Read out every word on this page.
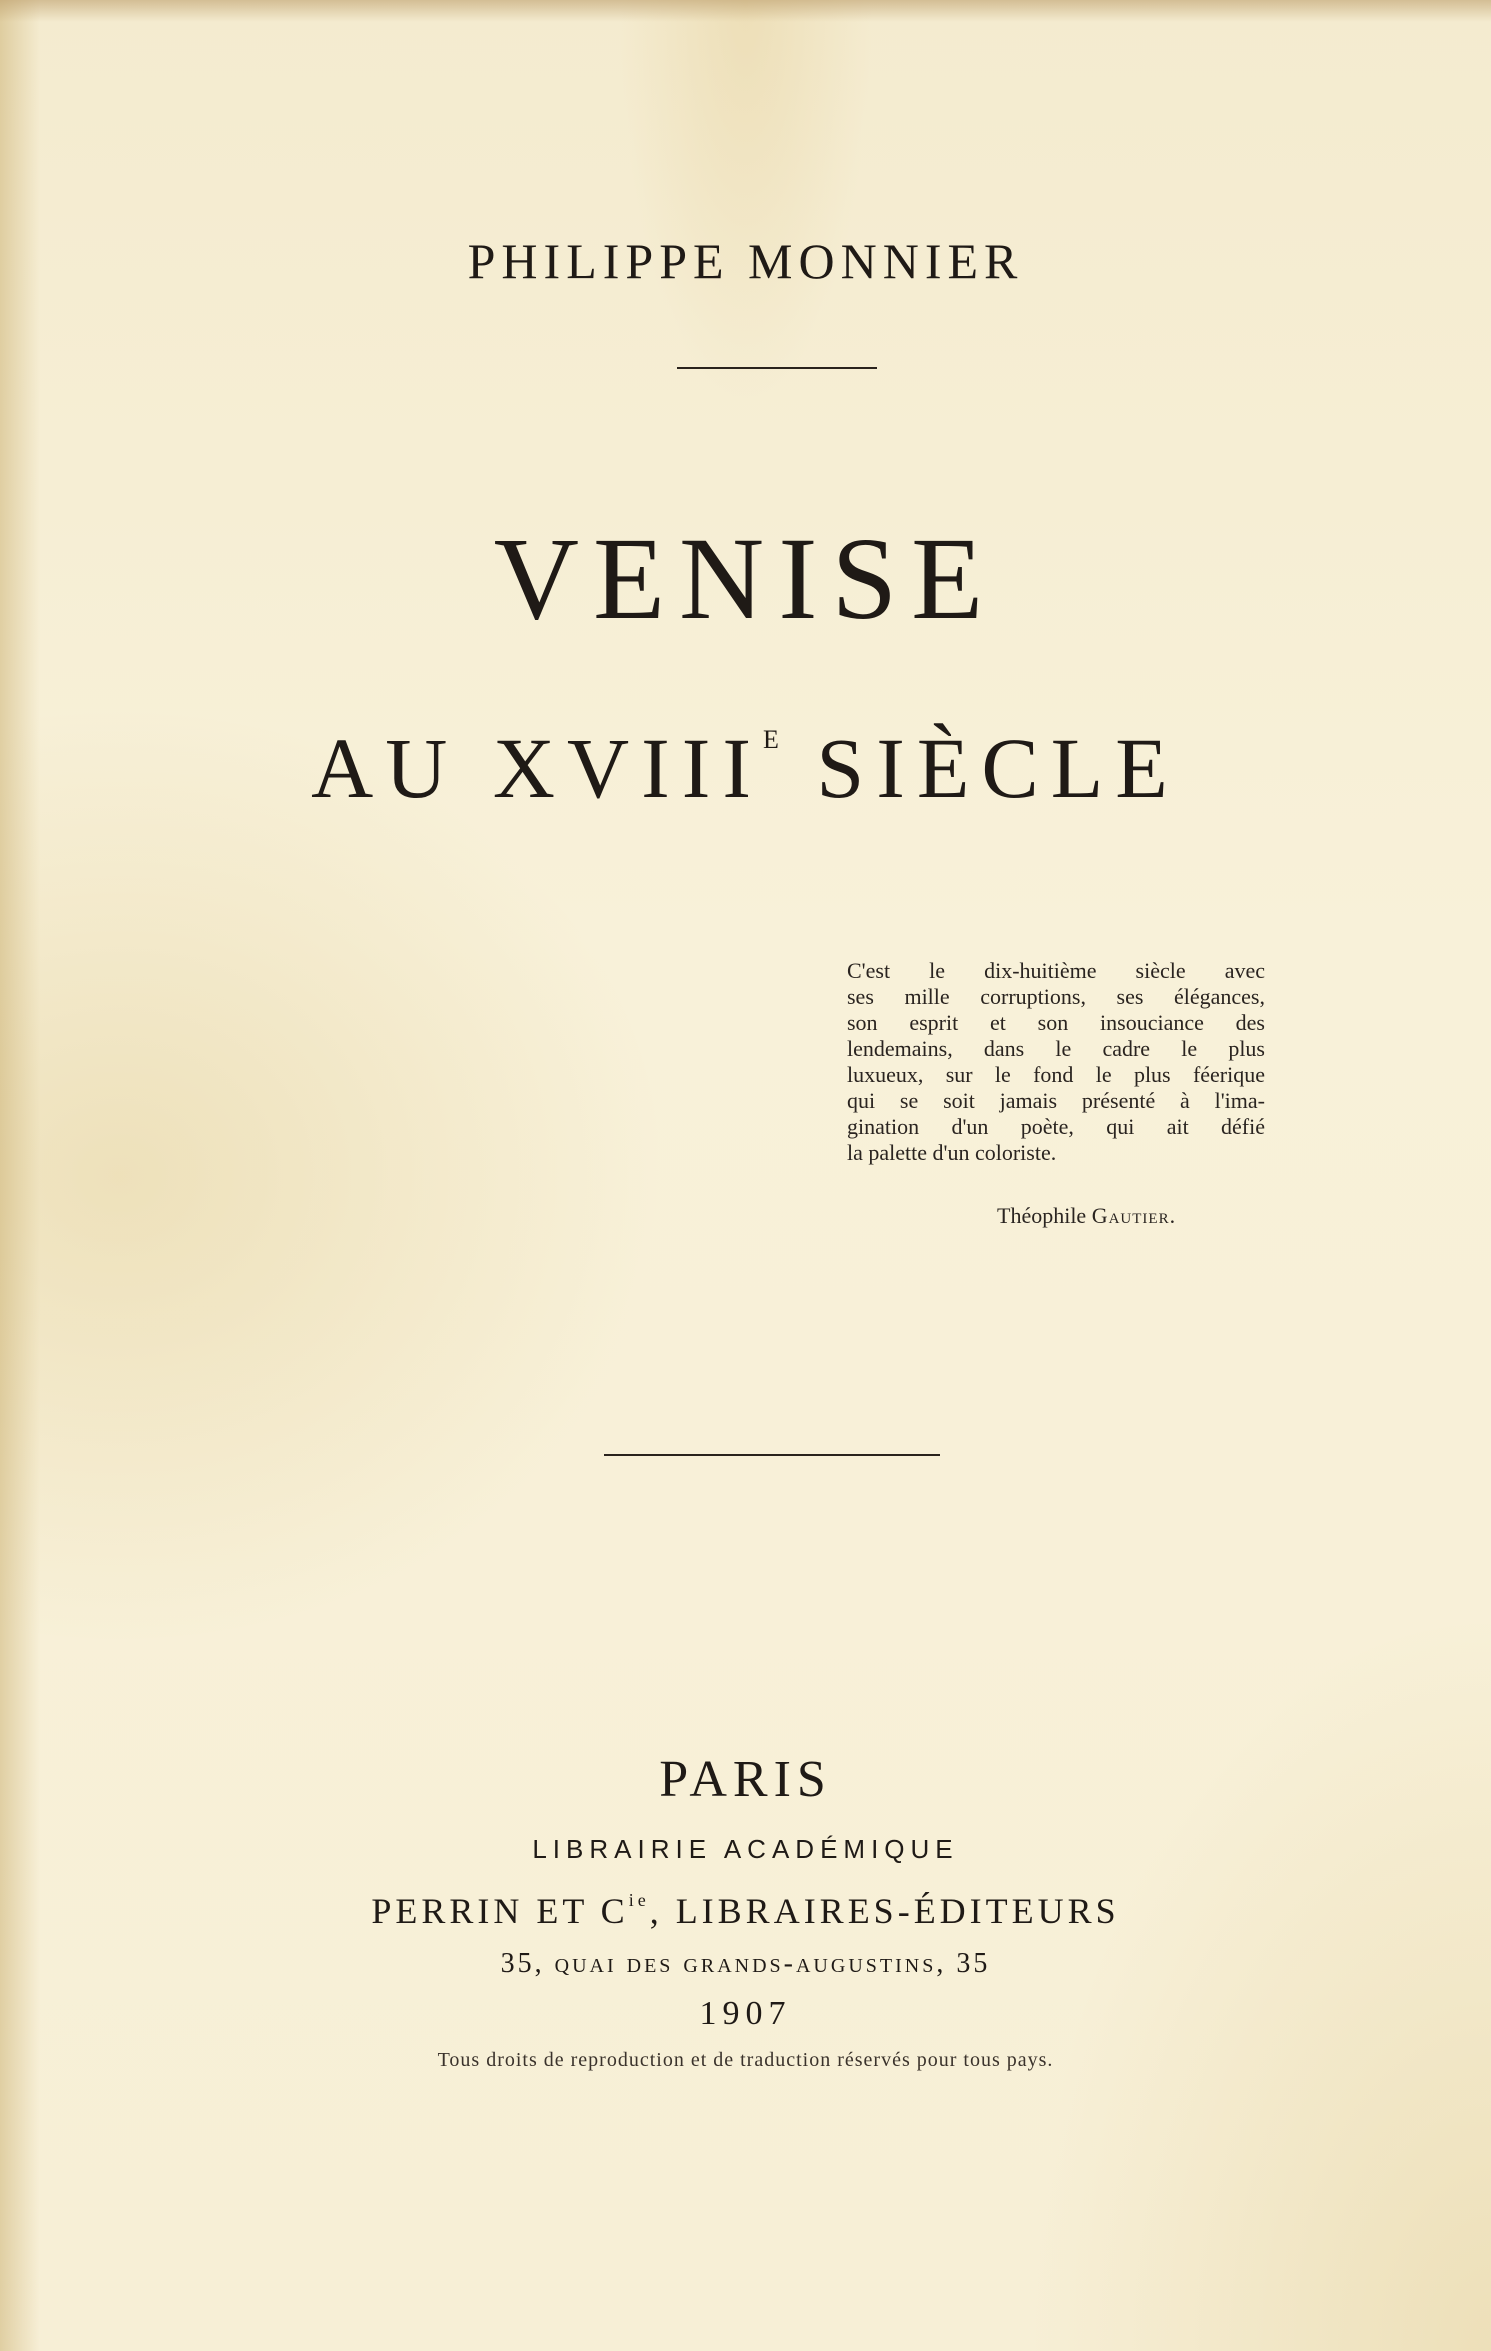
PHILIPPE MONNIER
VENISE
AU $XVIII^E$ SIÈCLE
C'est le dix-huitième siècle avec
ses mille corruptions, ses élégances,
son esprit et son insouciance des
lendemains, dans le cadre le plus
luxueux, sur le fond le plus féerique
qui se soit jamais présenté à l'ima-
gination d'un poète, qui ait défié
la palette d'un coloriste.
Théophile Gautier.
PARIS
LIBRAIRIE ACADÉMIQUE
PERRIN ET $C^{ie}$, LIBRAIRES-ÉDITEURS
35, quai des grands-augustins, 35
1907
Tous droits de reproduction et de traduction réservés pour tous pays.
